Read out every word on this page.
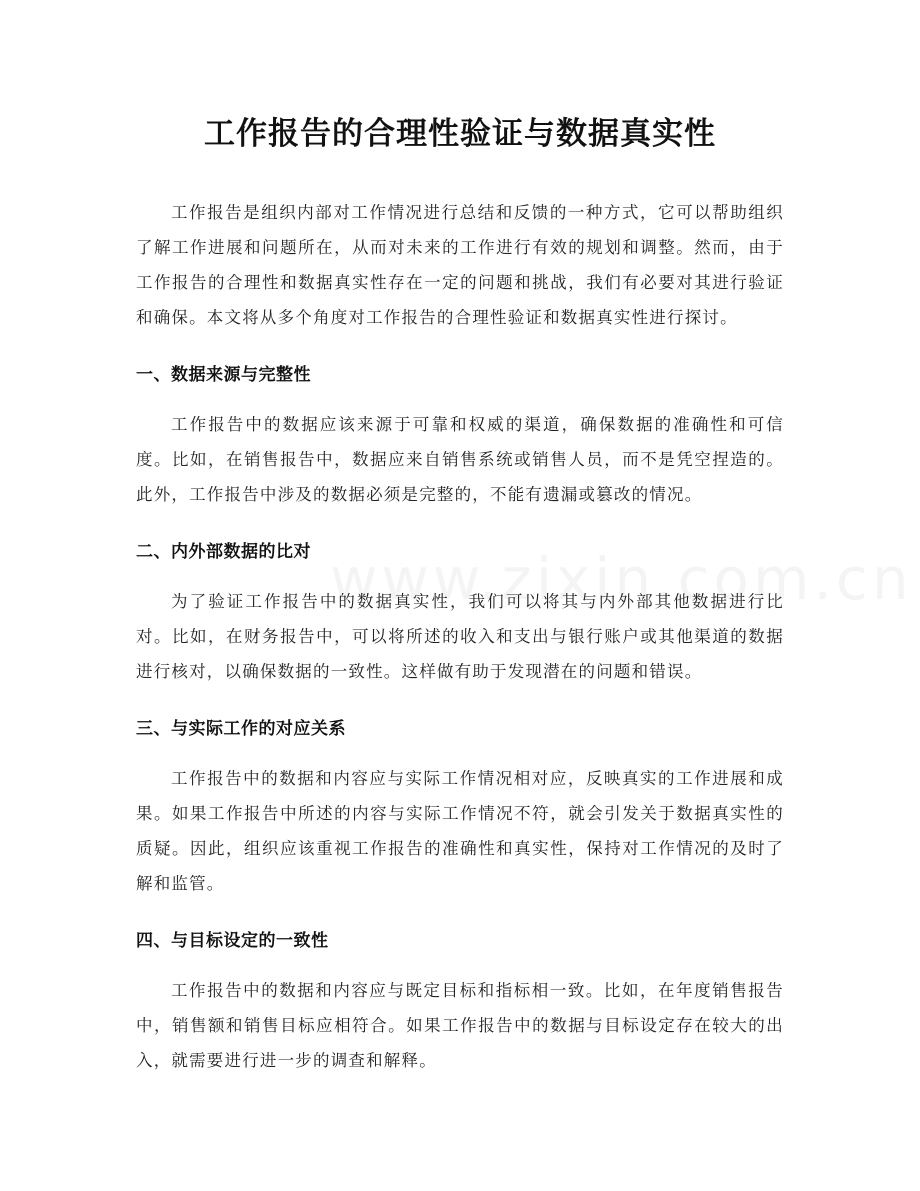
工作报告的合理性验证与数据真实性

工作报告是组织内部对工作情况进行总结和反馈的一种方式，它可以帮助组织了解工作进展和问题所在，从而对未来的工作进行有效的规划和调整。然而，由于工作报告的合理性和数据真实性存在一定的问题和挑战，我们有必要对其进行验证和确保。本文将从多个角度对工作报告的合理性验证和数据真实性进行探讨。

一、数据来源与完整性

工作报告中的数据应该来源于可靠和权威的渠道，确保数据的准确性和可信度。比如，在销售报告中，数据应来自销售系统或销售人员，而不是凭空捏造的。此外，工作报告中涉及的数据必须是完整的，不能有遗漏或篡改的情况。

二、内外部数据的比对

为了验证工作报告中的数据真实性，我们可以将其与内外部其他数据进行比对。比如，在财务报告中，可以将所述的收入和支出与银行账户或其他渠道的数据进行核对，以确保数据的一致性。这样做有助于发现潜在的问题和错误。

三、与实际工作的对应关系

工作报告中的数据和内容应与实际工作情况相对应，反映真实的工作进展和成果。如果工作报告中所述的内容与实际工作情况不符，就会引发关于数据真实性的质疑。因此，组织应该重视工作报告的准确性和真实性，保持对工作情况的及时了解和监管。

四、与目标设定的一致性

工作报告中的数据和内容应与既定目标和指标相一致。比如，在年度销售报告中，销售额和销售目标应相符合。如果工作报告中的数据与目标设定存在较大的出入，就需要进行进一步的调查和解释。
